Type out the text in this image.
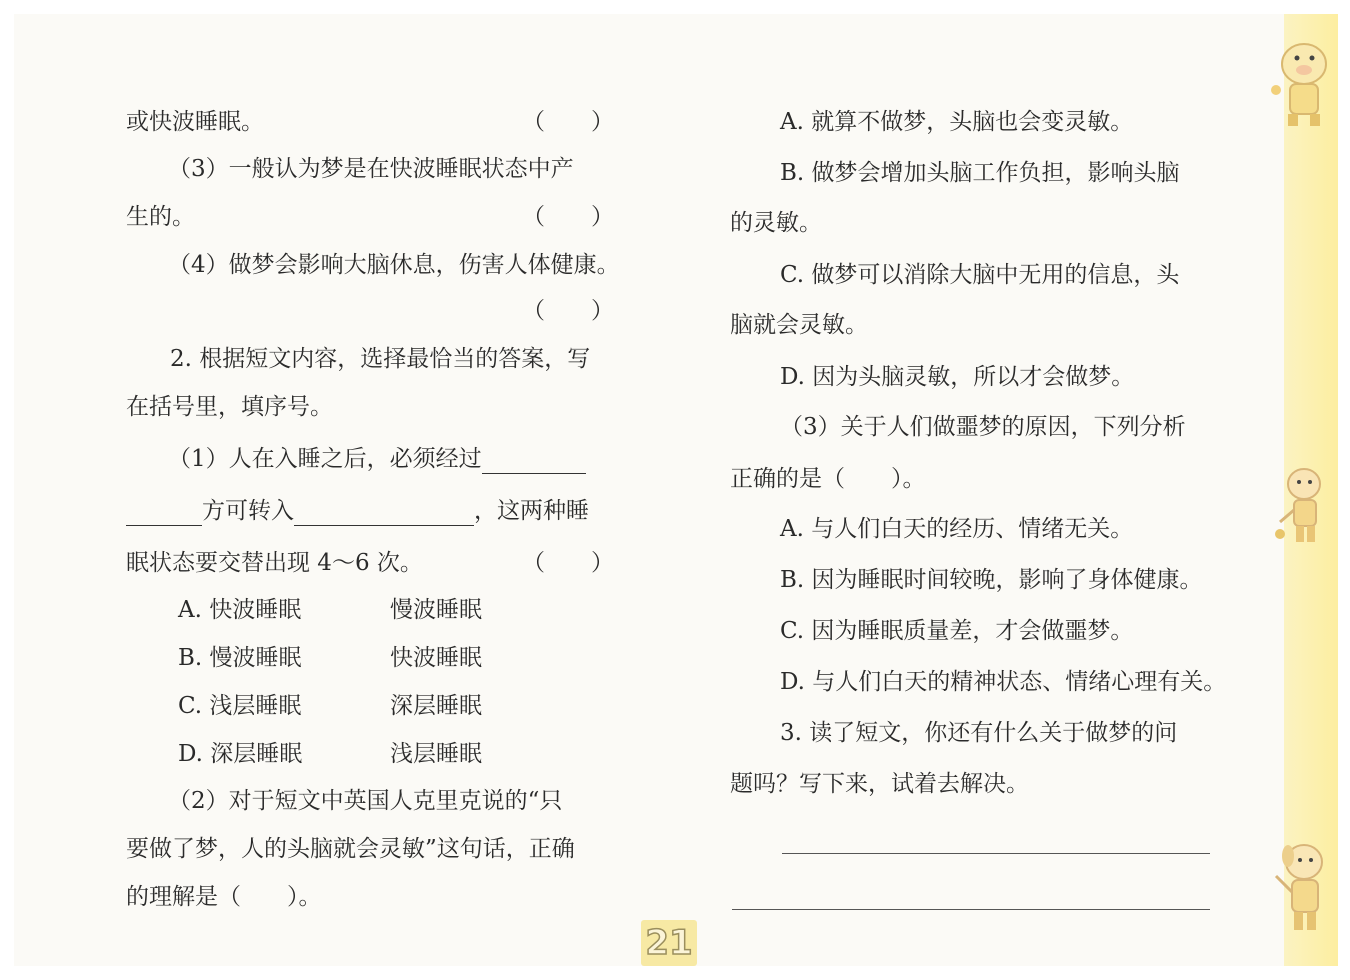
或快波睡眠。	（　　）
（3）一般认为梦是在快波睡眠状态中产
生的。	（　　）
（4）做梦会影响大脑休息，伤害人体健康。
（　　）
2. 根据短文内容，选择最恰当的答案，写
在括号里，填序号。
（1）人在入睡之后，必须经过
方可转入	，这两种睡
眠状态要交替出现 4～6 次。	（　　）
A. 快波睡眠	慢波睡眠
B. 慢波睡眠	快波睡眠
C. 浅层睡眠	深层睡眠
D. 深层睡眠	浅层睡眠
（2）对于短文中英国人克里克说的“只
要做了梦，人的头脑就会灵敏”这句话，正确
的理解是（　　）。
A. 就算不做梦，头脑也会变灵敏。
B. 做梦会增加头脑工作负担，影响头脑
的灵敏。
C. 做梦可以消除大脑中无用的信息，头
脑就会灵敏。
D. 因为头脑灵敏，所以才会做梦。
（3）关于人们做噩梦的原因，下列分析
正确的是（　　）。
A. 与人们白天的经历、情绪无关。
B. 因为睡眠时间较晚，影响了身体健康。
C. 因为睡眠质量差，才会做噩梦。
D. 与人们白天的精神状态、情绪心理有关。
3. 读了短文，你还有什么关于做梦的问
题吗？写下来，试着去解决。
21
